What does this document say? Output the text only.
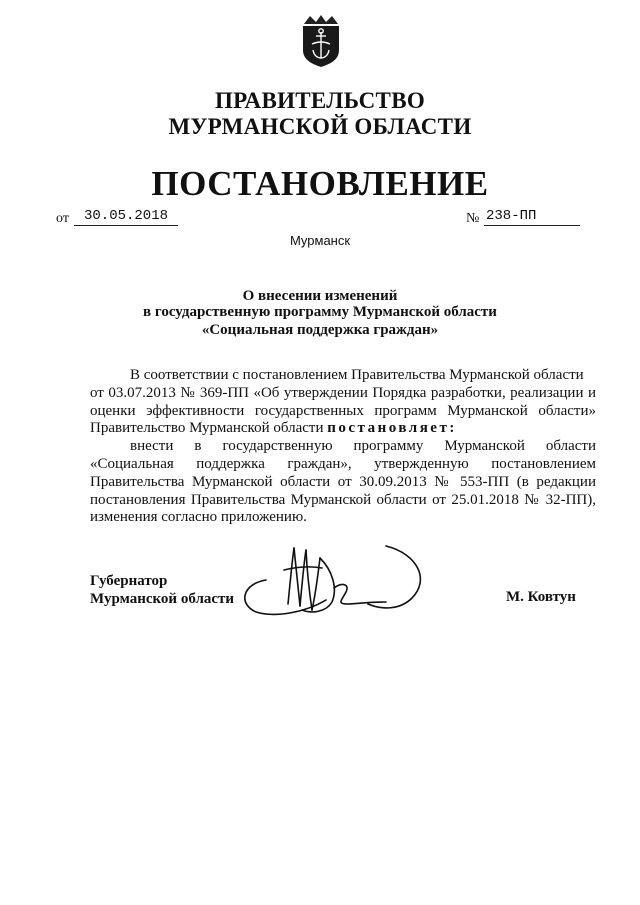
ПРАВИТЕЛЬСТВО
МУРМАНСКОЙ ОБЛАСТИ
ПОСТАНОВЛЕНИЕ
от	30.05.2018	№ 238-ПП
Мурманск
О внесении изменений
в государственную программу Мурманской области
«Социальная поддержка граждан»
В соответствии с постановлением Правительства Мурманской области
от 03.07.2013 № 369-ПП «Об утверждении Порядка разработки, реализации и
оценки эффективности государственных программ Мурманской области»
Правительство Мурманской области постановляет:
внести в государственную программу Мурманской области
«Социальная поддержка граждан», утвержденную постановлением
Правительства Мурманской области от 30.09.2013 № 553-ПП (в редакции
постановления Правительства Мурманской области от 25.01.2018 № 32-ПП),
изменения согласно приложению.
Губернатор
Мурманской области	М. Ковтун
